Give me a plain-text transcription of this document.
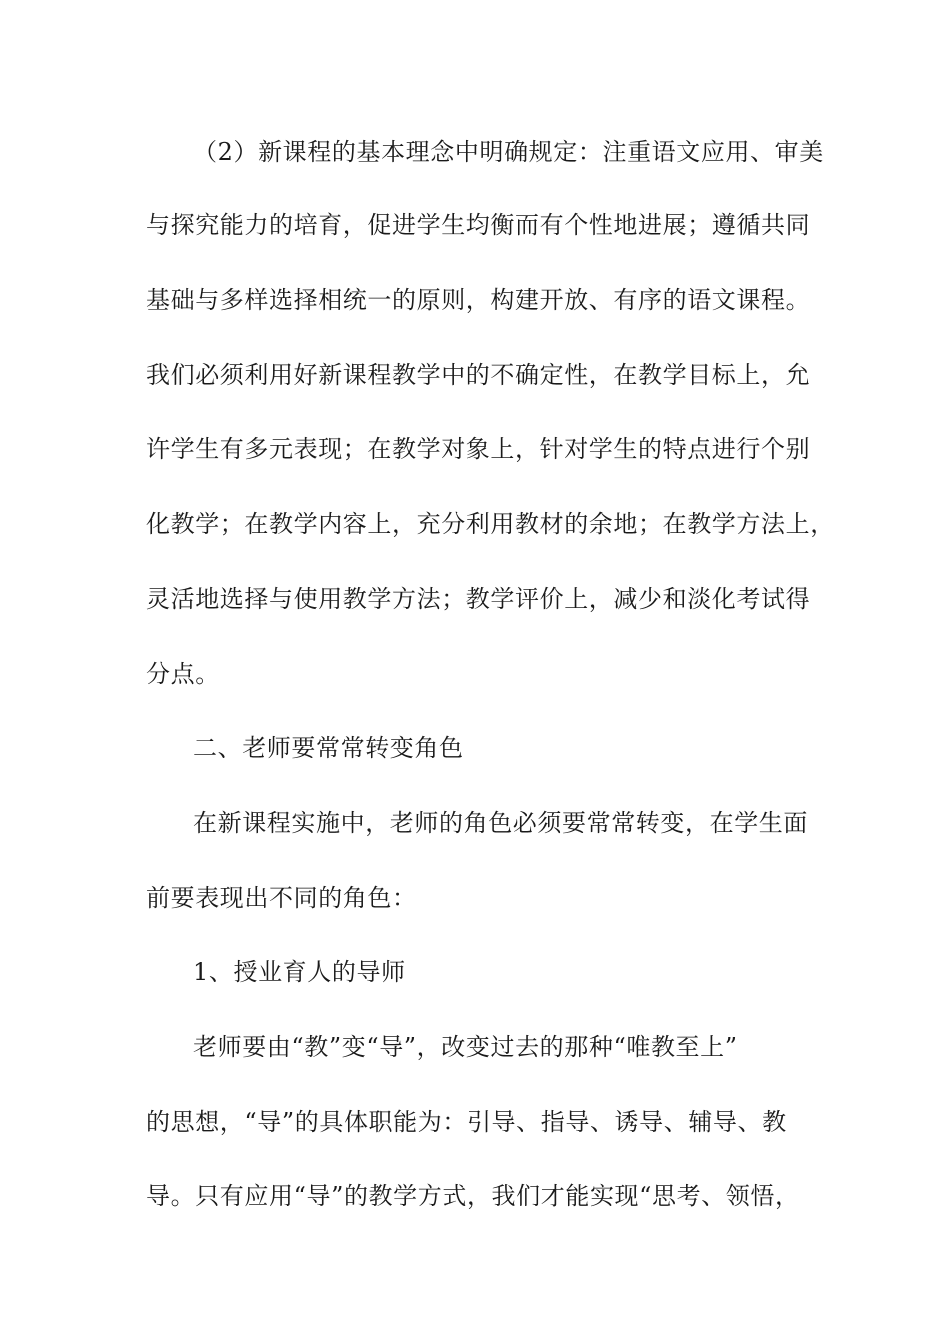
（2）新课程的基本理念中明确规定：注重语文应用、审美
与探究能力的培育，促进学生均衡而有个性地进展；遵循共同
基础与多样选择相统一的原则，构建开放、有序的语文课程。
我们必须利用好新课程教学中的不确定性，在教学目标上，允
许学生有多元表现；在教学对象上，针对学生的特点进行个别
化教学；在教学内容上，充分利用教材的余地；在教学方法上，
灵活地选择与使用教学方法；教学评价上，减少和淡化考试得
分点。
二、老师要常常转变角色
在新课程实施中，老师的角色必须要常常转变，在学生面
前要表现出不同的角色：
1、授业育人的导师
老师要由“教”变“导”，改变过去的那种“唯教至上”
的思想，“导”的具体职能为：引导、指导、诱导、辅导、教
导。只有应用“导”的教学方式，我们才能实现“思考、领悟，
